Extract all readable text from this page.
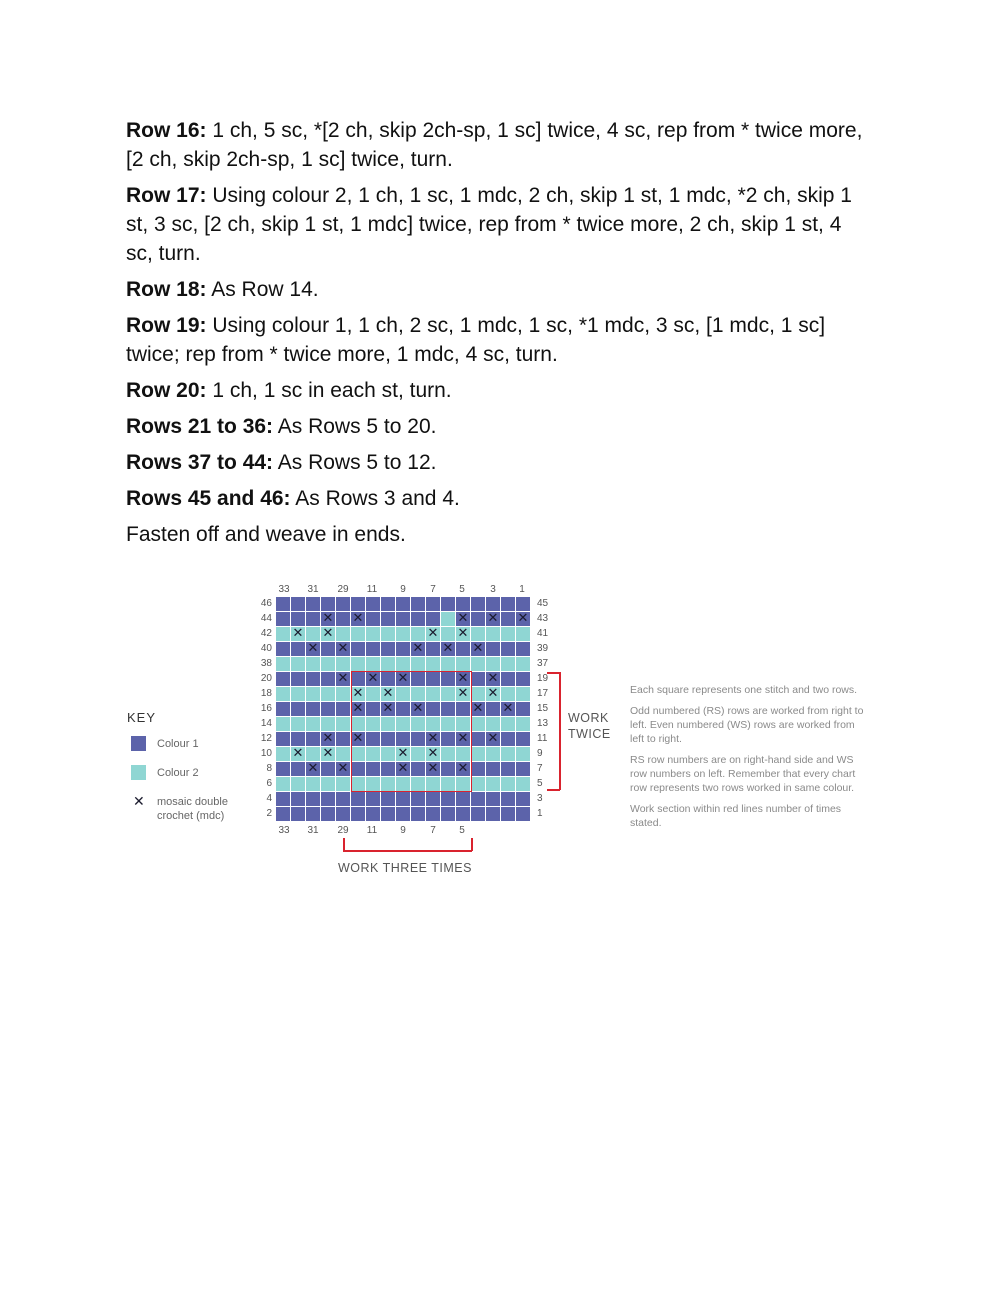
Row 16: 1 ch, 5 sc, *[2 ch, skip 2ch-sp, 1 sc] twice, 4 sc, rep from * twice more, [2 ch, skip 2ch-sp, 1 sc] twice, turn.

Row 17: Using colour 2, 1 ch, 1 sc, 1 mdc, 2 ch, skip 1 st, 1 mdc, *2 ch, skip 1 st, 3 sc, [2 ch, skip 1 st, 1 mdc] twice, rep from * twice more, 2 ch, skip 1 st, 4 sc, turn.

Row 18: As Row 14.

Row 19: Using colour 1, 1 ch, 2 sc, 1 mdc, 1 sc, *1 mdc, 3 sc, [1 mdc, 1 sc] twice; rep from * twice more, 1 mdc, 4 sc, turn.

Row 20: 1 ch, 1 sc in each st, turn.

Rows 21 to 36: As Rows 5 to 20.

Rows 37 to 44: As Rows 5 to 12.

Rows 45 and 46: As Rows 3 and 4.

Fasten off and weave in ends.

33	31	29	11	9	7	5	3	1
33	31	29	11	9	7	5
46
44
42
40
38
20
18
16
14
12
10
8
6
4
2
45
43
41
39
37
19
17
15
13
11
9
7
5
3
1
✕ ✕	✕ ✕ ✕
✕ ✕	✕ ✕
✕ ✕	✕ ✕ ✕
✕ ✕ ✕	✕ ✕
✕ ✕	✕ ✕
✕ ✕ ✕	✕ ✕
✕ ✕	✕ ✕ ✕
✕ ✕	✕ ✕
✕ ✕	✕ ✕ ✕
WORK
TWICE
WORK THREE TIMES
KEY
Colour 1
Colour 2
✕ mosaic double
crochet (mdc)

Each square represents one stitch and two rows.

Odd numbered (RS) rows are worked from right to left. Even numbered (WS) rows are worked from left to right.

RS row numbers are on right-hand side and WS row numbers on left. Remember that every chart row represents two rows worked in same colour.

Work section within red lines number of times stated.
